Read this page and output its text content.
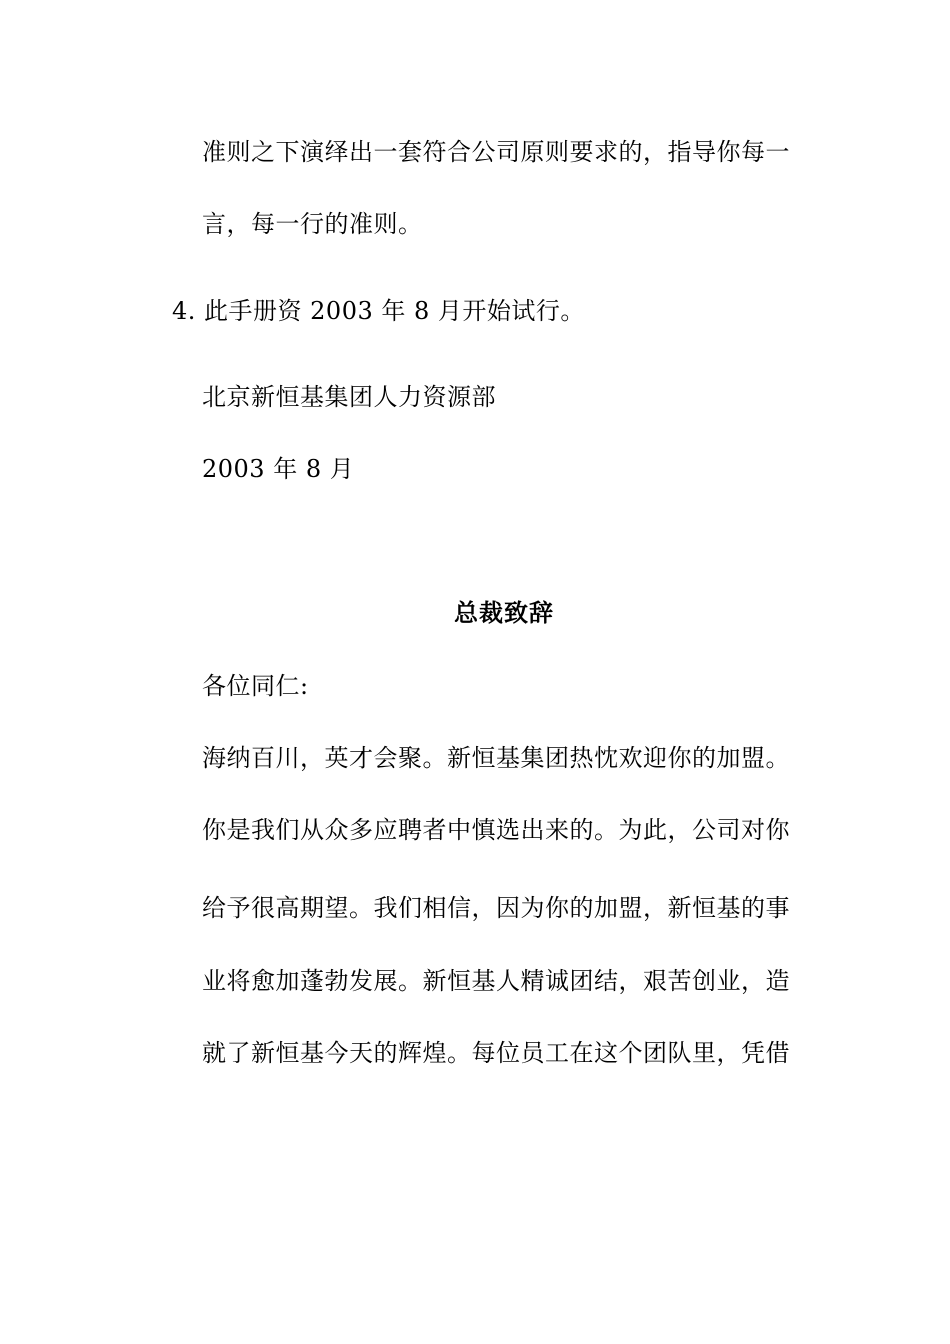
准则之下演绎出一套符合公司原则要求的，指导你每一
言，每一行的准则。
4. 此手册资 2003 年 8 月开始试行。
北京新恒基集团人力资源部
2003 年 8 月
总裁致辞
各位同仁:
海纳百川，英才会聚。新恒基集团热忱欢迎你的加盟。
你是我们从众多应聘者中慎选出来的。为此，公司对你
给予很高期望。我们相信，因为你的加盟，新恒基的事
业将愈加蓬勃发展。新恒基人精诚团结，艰苦创业，造
就了新恒基今天的辉煌。每位员工在这个团队里，凭借
